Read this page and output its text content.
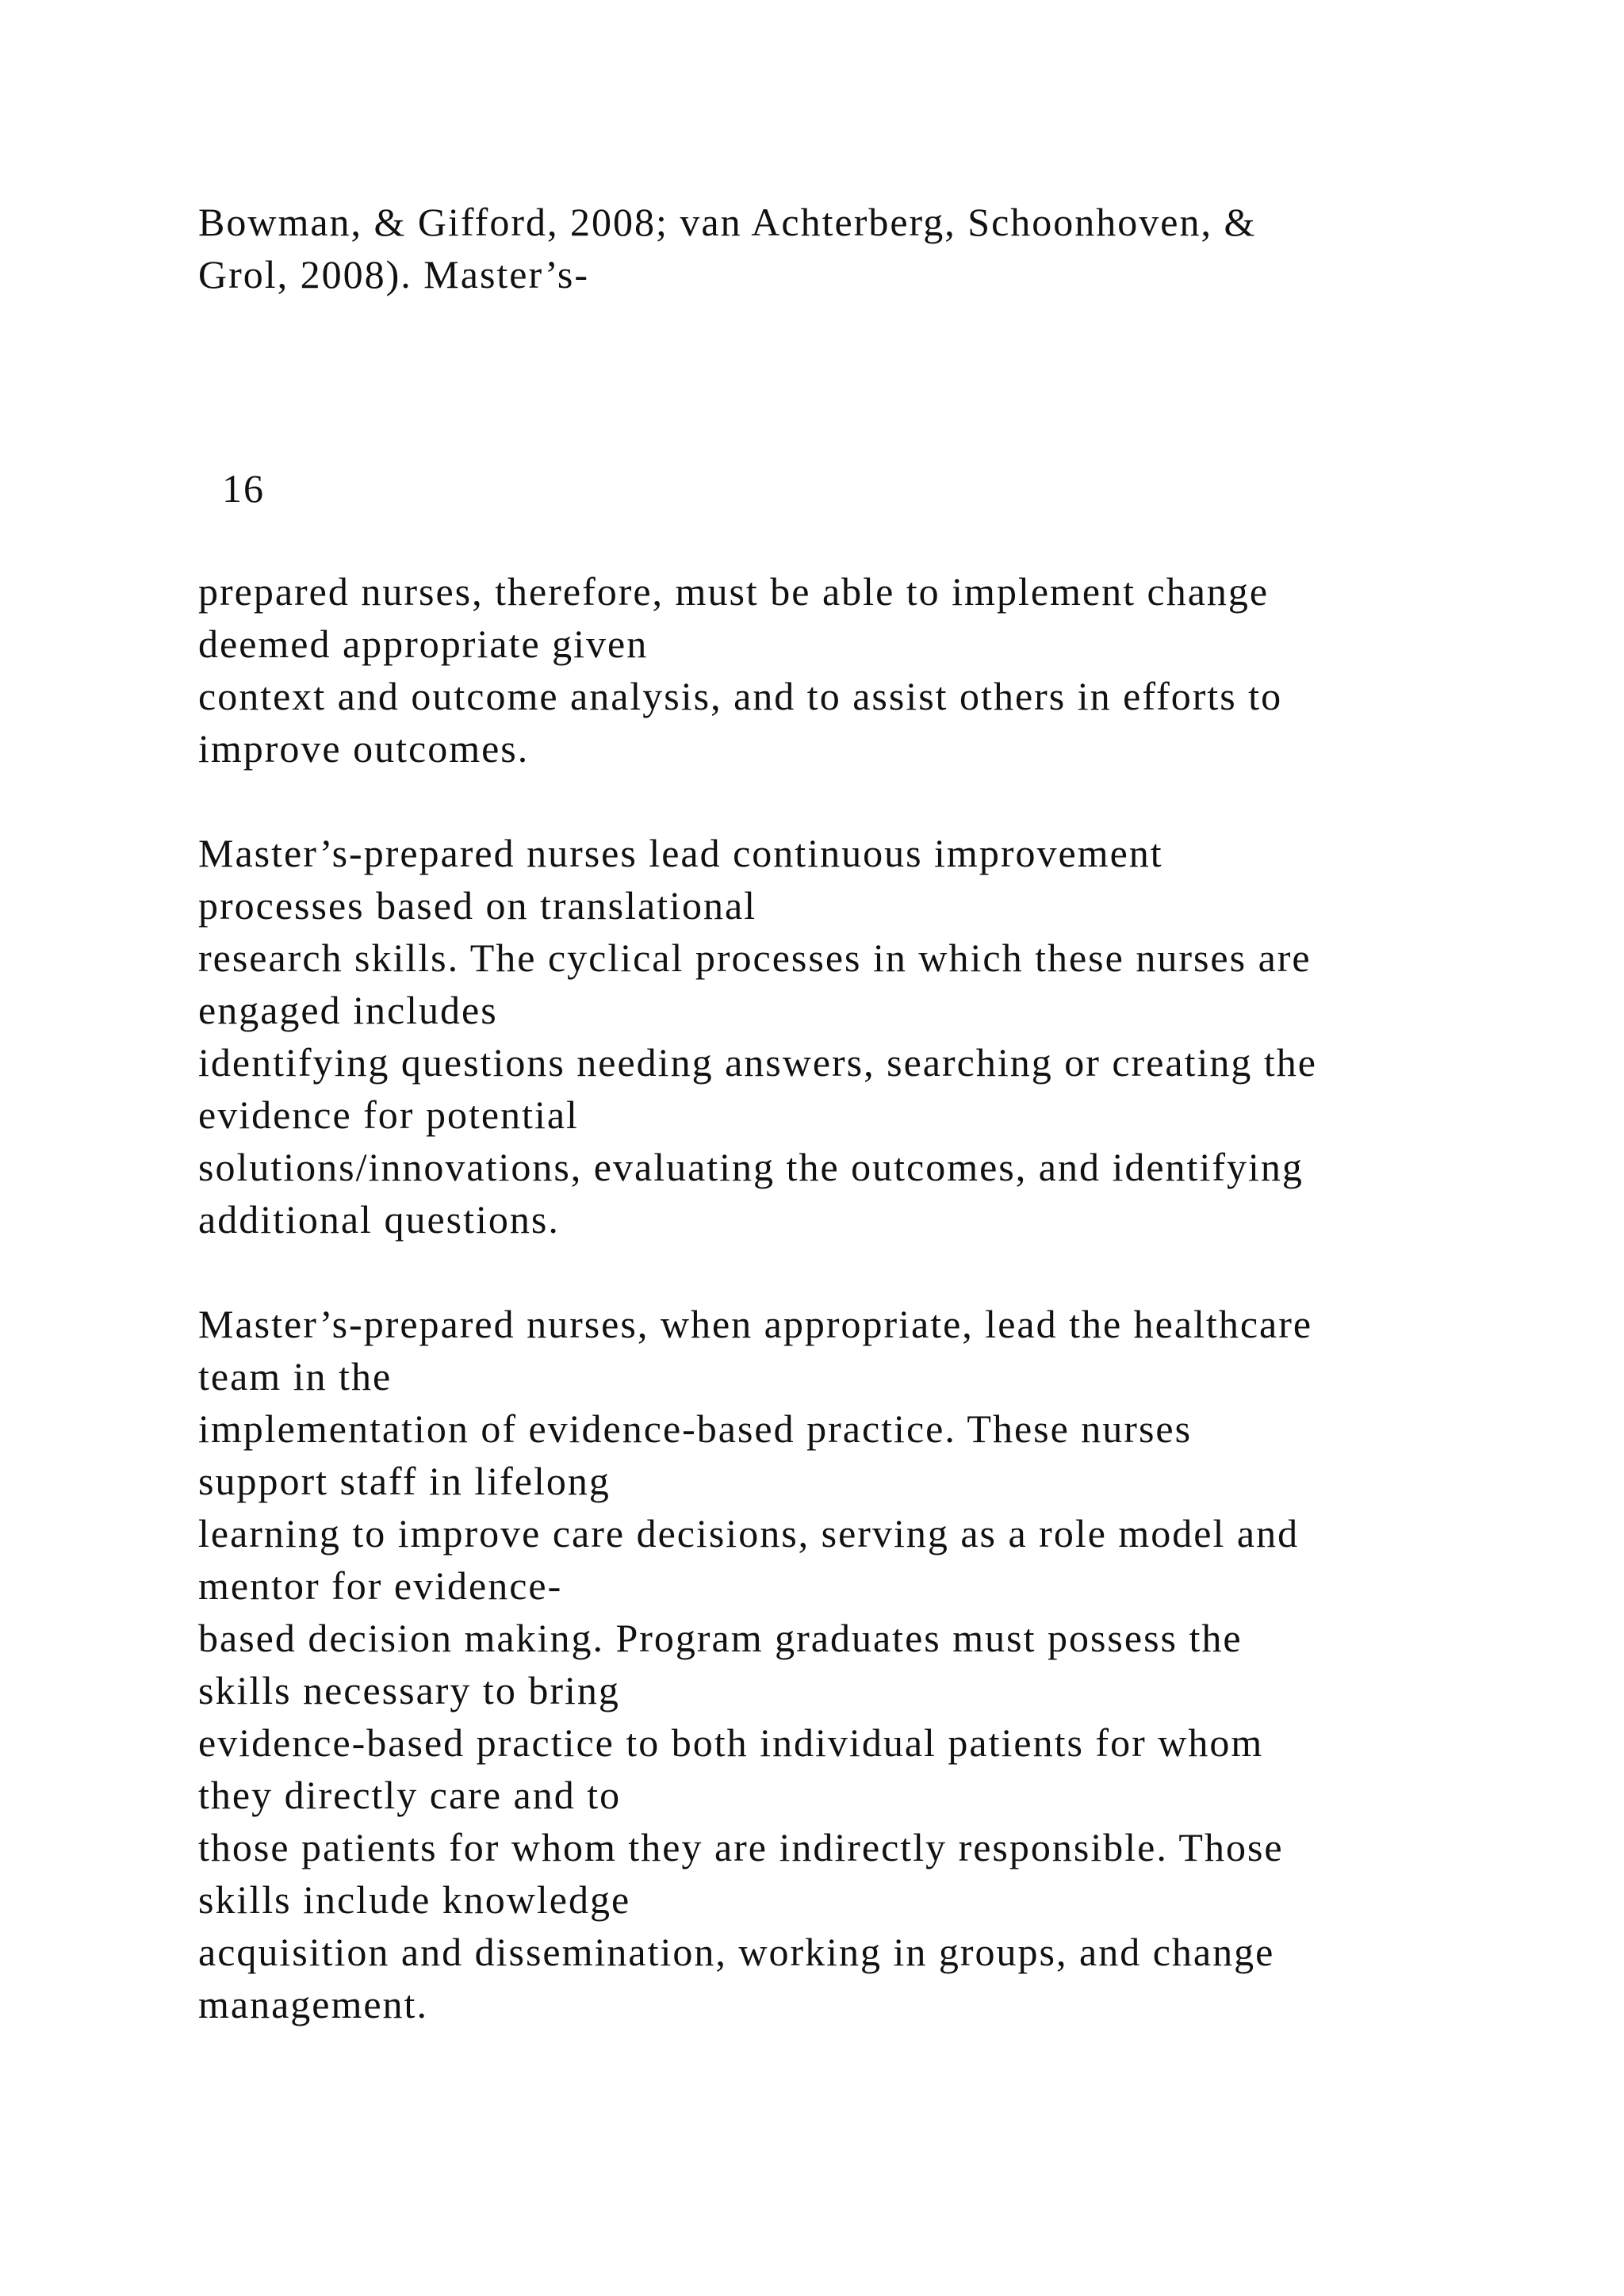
Bowman, & Gifford, 2008; van Achterberg, Schoonhoven, &
Grol, 2008). Master’s-
16
prepared nurses, therefore, must be able to implement change
deemed appropriate given
context and outcome analysis, and to assist others in efforts to
improve outcomes.
Master’s-prepared nurses lead continuous improvement
processes based on translational
research skills. The cyclical processes in which these nurses are
engaged includes
identifying questions needing answers, searching or creating the
evidence for potential
solutions/innovations, evaluating the outcomes, and identifying
additional questions.
Master’s-prepared nurses, when appropriate, lead the healthcare
team in the
implementation of evidence-based practice. These nurses
support staff in lifelong
learning to improve care decisions, serving as a role model and
mentor for evidence-
based decision making. Program graduates must possess the
skills necessary to bring
evidence-based practice to both individual patients for whom
they directly care and to
those patients for whom they are indirectly responsible. Those
skills include knowledge
acquisition and dissemination, working in groups, and change
management.
